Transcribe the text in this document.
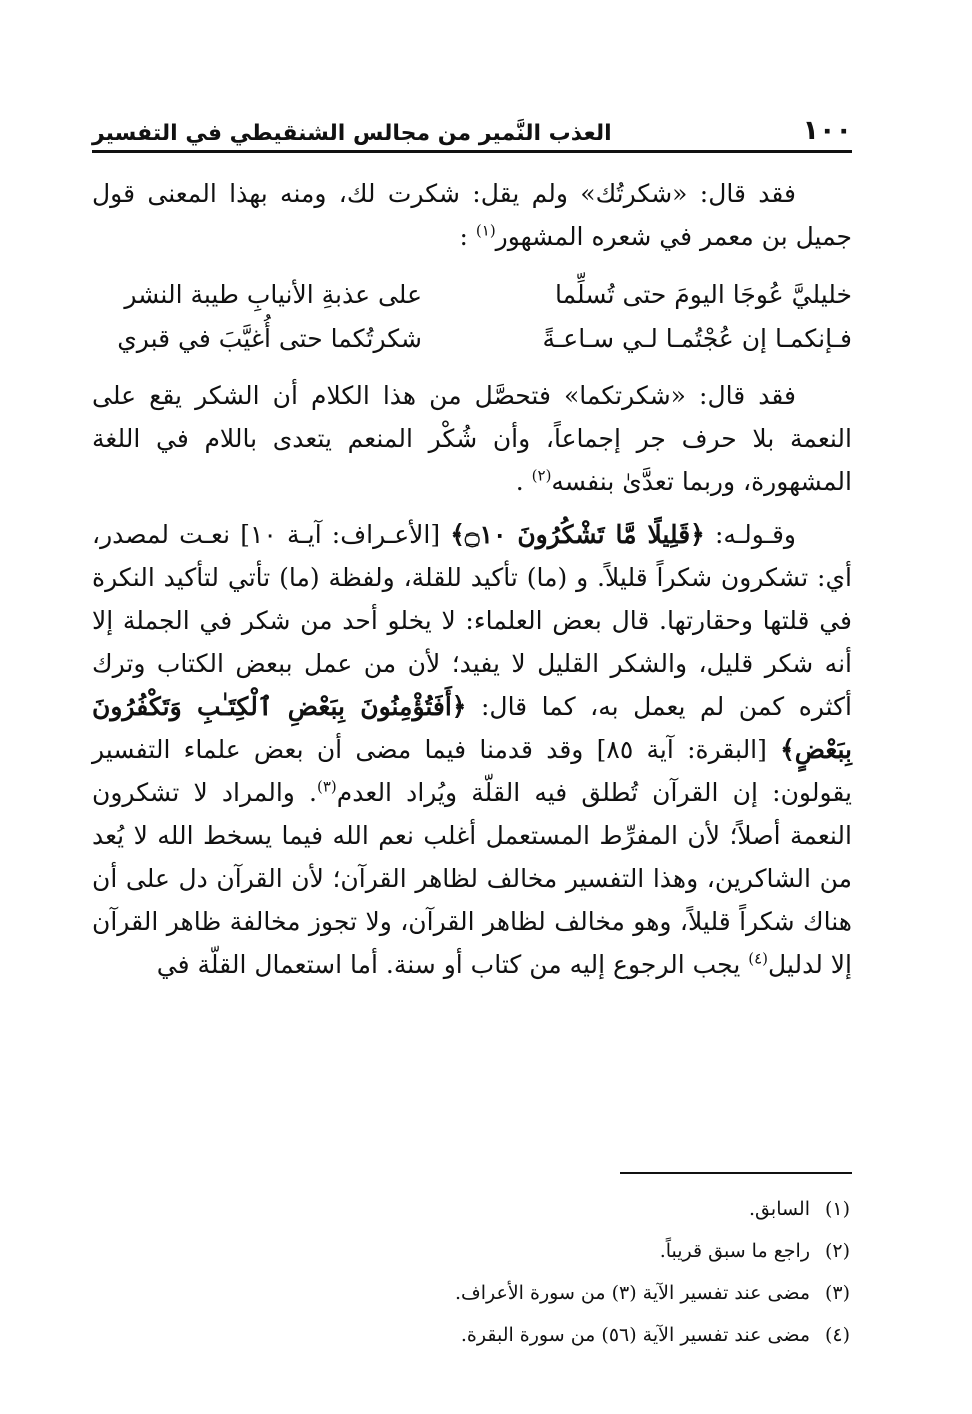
١٠٠
العذب النَّمير من مجالس الشنقيطي في التفسير

فقد قال: «شكرتُك» ولم يقل: شكرت لك، ومنه بهذا المعنى قول جميل بن معمر في شعره المشهور$^{(١)}$ :

خليليَّ عُوجَا اليومَ حتى تُسلِّما
على عذبةِ الأنيابِ طيبة النشر
فـإنكمـا إن عُجْتُمـا لـي سـاعـةً
شكرتُكما حتى أُغيَّبَ في قبري

فقد قال: «شكرتكما» فتحصَّل من هذا الكلام أن الشكر يقع على النعمة بلا حرف جر إجماعاً، وأن شُكْر المنعم يتعدى باللام في اللغة المشهورة، وربما تعدَّىٰ بنفسه$^{(٢)}$ .

وقـولـه: ﴿قَلِيلًا مَّا تَشْكُرُونَ ۝١٠﴾ [الأعـراف: آيـة ١٠] نعـت لمصدر، أي: تشكرون شكراً قليلاً. و (ما) تأكيد للقلة، ولفظة (ما) تأتي لتأكيد النكرة في قلتها وحقارتها. قال بعض العلماء: لا يخلو أحد من شكر في الجملة إلا أنه شكر قليل، والشكر القليل لا يفيد؛ لأن من عمل ببعض الكتاب وترك أكثره كمن لم يعمل به، كما قال: ﴿أَفَتُؤْمِنُونَ بِبَعْضِ ٱلْكِتَـٰبِ وَتَكْفُرُونَ بِبَعْضٍ﴾ [البقرة: آية ٨٥] وقد قدمنا فيما مضى أن بعض علماء التفسير يقولون: إن القرآن تُطلق فيه القلّة ويُراد العدم$^{(٣)}$. والمراد لا تشكرون النعمة أصلاً؛ لأن المفرِّط المستعمل أغلب نعم الله فيما يسخط الله لا يُعد من الشاكرين، وهذا التفسير مخالف لظاهر القرآن؛ لأن القرآن دل على أن هناك شكراً قليلاً، وهو مخالف لظاهر القرآن، ولا تجوز مخالفة ظاهر القرآن إلا لدليل$^{(٤)}$ يجب الرجوع إليه من كتاب أو سنة. أما استعمال القلّة في

(١)
السابق.
(٢)
راجع ما سبق قريباً.
(٣)
مضى عند تفسير الآية (٣) من سورة الأعراف.
(٤)
مضى عند تفسير الآية (٥٦) من سورة البقرة.
